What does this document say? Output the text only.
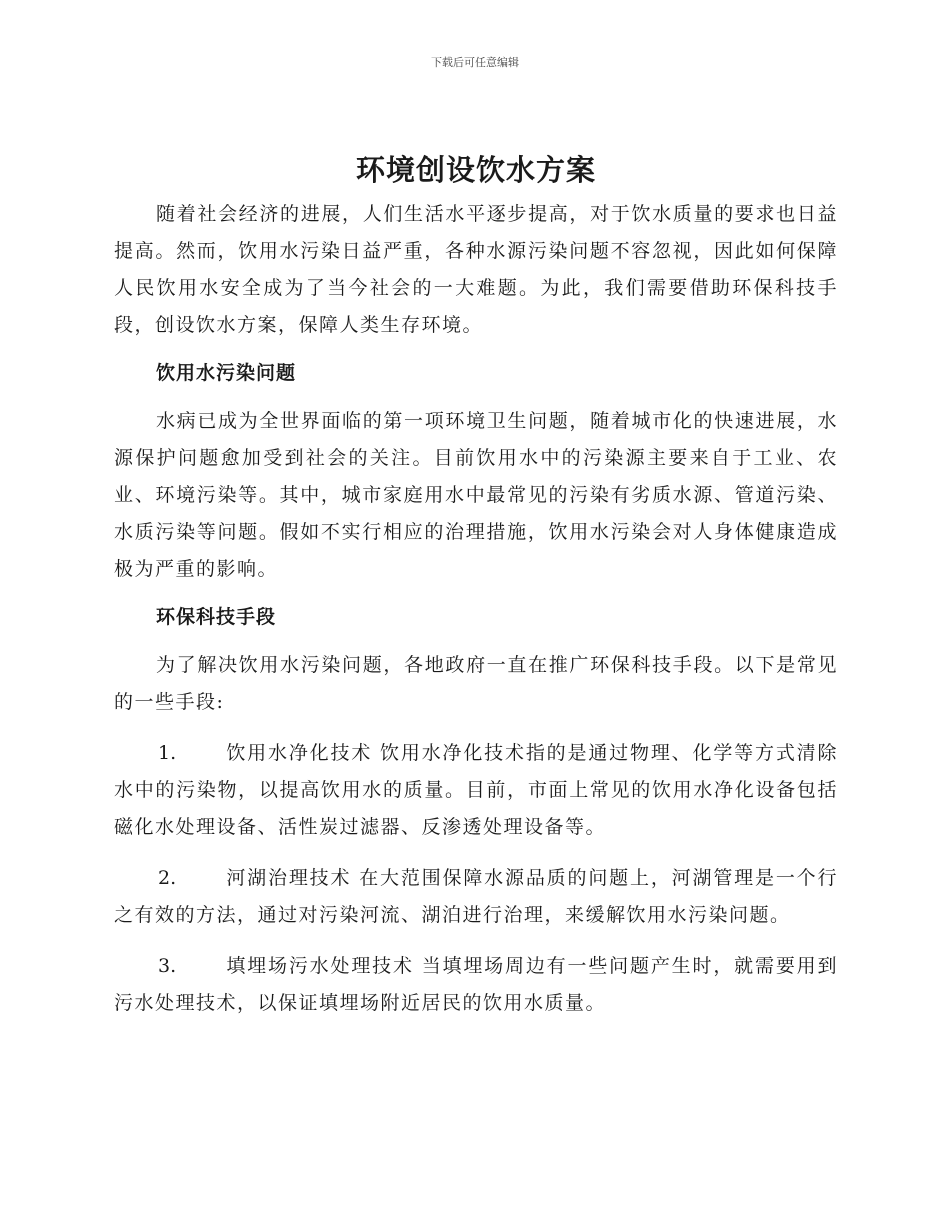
下载后可任意编辑
环境创设饮水方案

随着社会经济的进展，人们生活水平逐步提高，对于饮水质量的要求也日益提高。然而，饮用水污染日益严重，各种水源污染问题不容忽视，因此如何保障人民饮用水安全成为了当今社会的一大难题。为此，我们需要借助环保科技手段，创设饮水方案，保障人类生存环境。

饮用水污染问题

水病已成为全世界面临的第一项环境卫生问题，随着城市化的快速进展，水源保护问题愈加受到社会的关注。目前饮用水中的污染源主要来自于工业、农业、环境污染等。其中，城市家庭用水中最常见的污染有劣质水源、管道污染、水质污染等问题。假如不实行相应的治理措施，饮用水污染会对人身体健康造成极为严重的影响。

环保科技手段

为了解决饮用水污染问题，各地政府一直在推广环保科技手段。以下是常见的一些手段:

1.	饮用水净化技术 饮用水净化技术指的是通过物理、化学等方式清除水中的污染物，以提高饮用水的质量。目前，市面上常见的饮用水净化设备包括磁化水处理设备、活性炭过滤器、反渗透处理设备等。

2.	河湖治理技术 在大范围保障水源品质的问题上，河湖管理是一个行之有效的方法，通过对污染河流、湖泊进行治理，来缓解饮用水污染问题。

3.	填埋场污水处理技术 当填埋场周边有一些问题产生时，就需要用到污水处理技术，以保证填埋场附近居民的饮用水质量。
